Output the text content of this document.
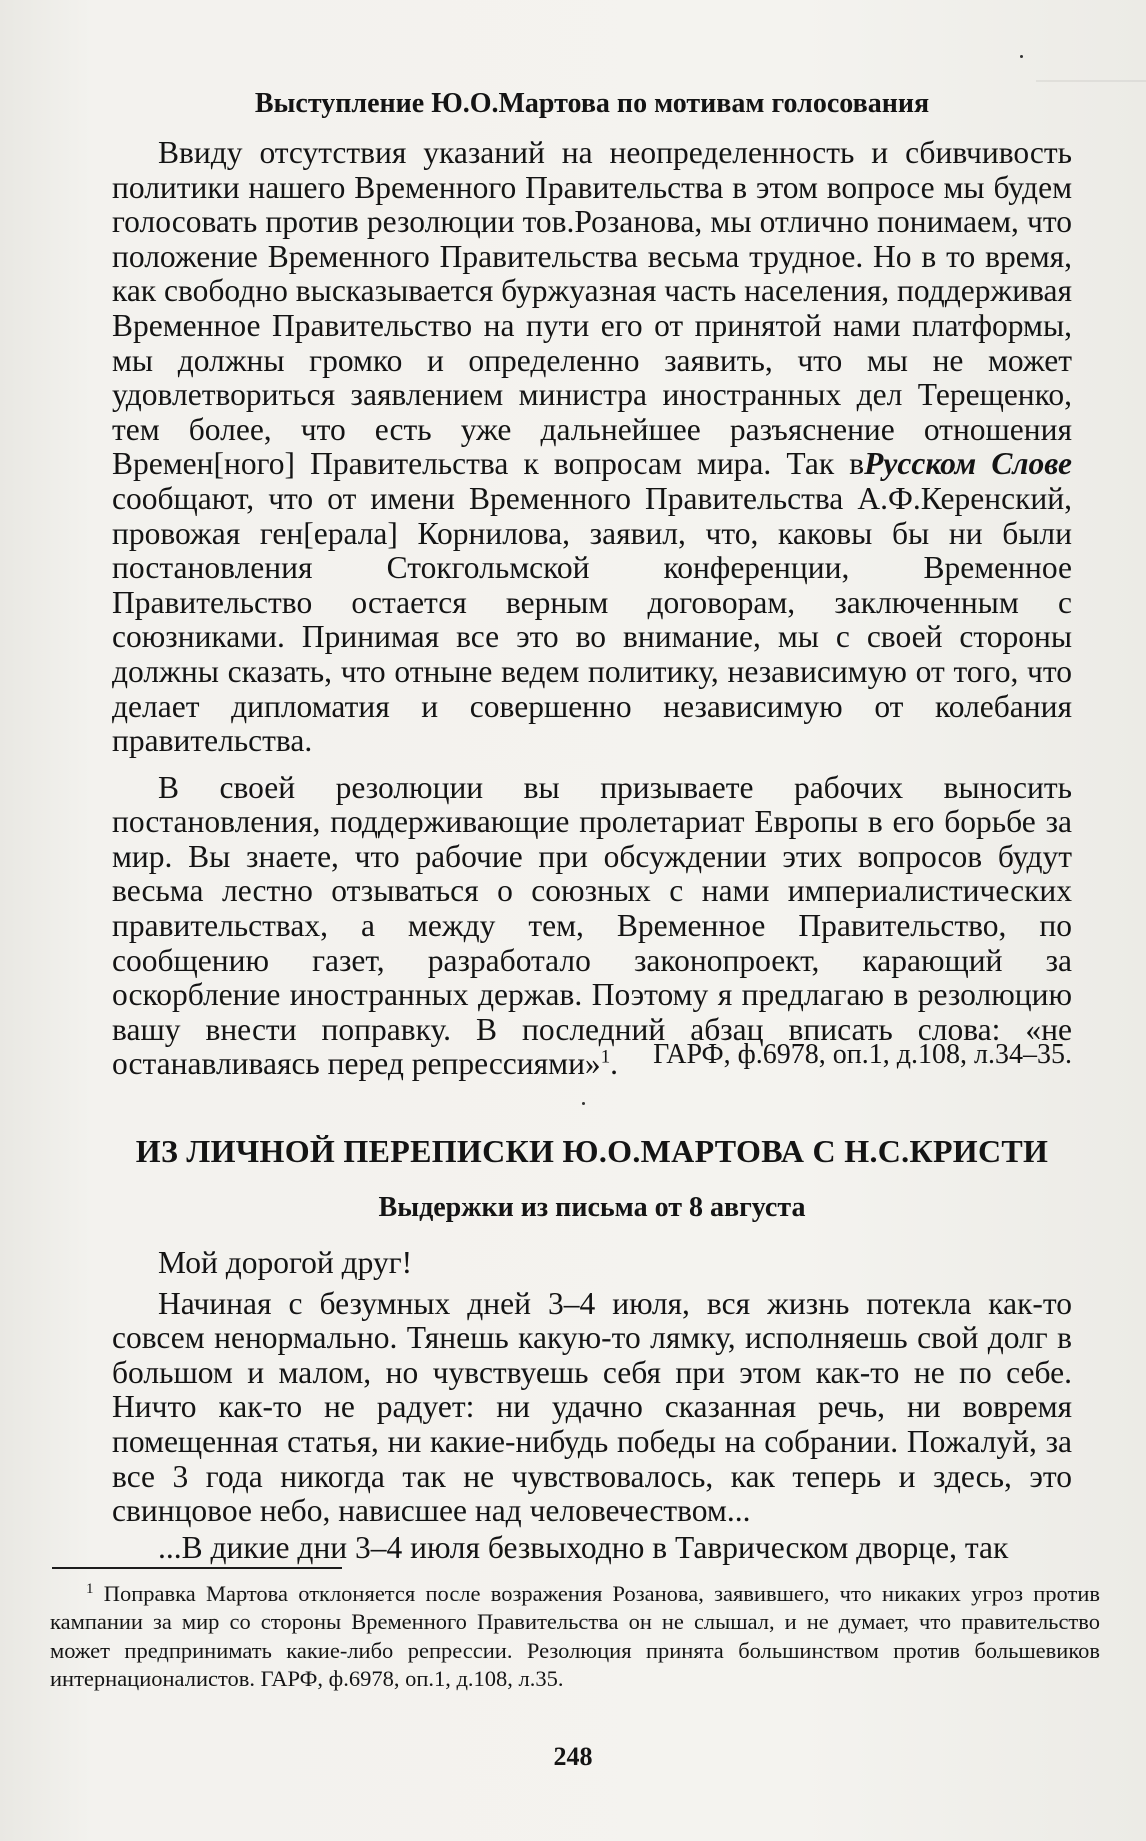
Выступление Ю.О.Мартова по мотивам голосования

Ввиду отсутствия указаний на неопределенность и сбивчивость политики нашего Временного Правительства в этом вопросе мы будем голосовать против резолюции тов.Розанова, мы отлично понимаем, что положение Временного Правительства весьма трудное. Но в то время, как свободно высказывается буржуазная часть населения, поддерживая Временное Правительство на пути его от принятой нами платформы, мы должны громко и определенно заявить, что мы не может удовлетвориться заявлением министра иностранных дел Терещенко, тем более, что есть уже дальнейшее разъяснение отношения Времен[ного] Правительства к вопросам мира. Так вРусском Слове сообщают, что от имени Временного Правительства А.Ф.Керенский, провожая ген[ерала] Корнилова, заявил, что, каковы бы ни были постановления Стокгольмской конференции, Временное Правительство остается верным договорам, заключенным с союзниками. Принимая все это во внимание, мы с своей стороны должны сказать, что отныне ведем политику, независимую от того, что делает дипломатия и совершенно независимую от колебания правительства.

В своей резолюции вы призываете рабочих выносить постановления, поддерживающие пролетариат Европы в его борьбе за мир. Вы знаете, что рабочие при обсуждении этих вопросов будут весьма лестно отзываться о союзных с нами империалистических правительствах, а между тем, Временное Правительство, по сообщению газет, разработало законопроект, карающий за оскорбление иностранных держав. Поэтому я предлагаю в резолюцию вашу внести поправку. В последний абзац вписать слова: «не останавливаясь перед репрессиями»$^1$.	ГАРФ, ф.6978, оп.1, д.108, л.34–35.
ИЗ ЛИЧНОЙ ПЕРЕПИСКИ Ю.О.МАРТОВА С Н.С.КРИСТИ
Выдержки из письма от 8 августа

Мой дорогой друг!

Начиная с безумных дней 3–4 июля, вся жизнь потекла как-то совсем ненормально. Тянешь какую-то лямку, исполняешь свой долг в большом и малом, но чувствуешь себя при этом как-то не по себе. Ничто как-то не радует: ни удачно сказанная речь, ни вовремя помещенная статья, ни какие-нибудь победы на собрании. Пожалуй, за все 3 года никогда так не чувствовалось, как теперь и здесь, это свинцовое небо, нависшее над человечеством...

...В дикие дни 3–4 июля безвыходно в Таврическом дворце, так

$^1$ Поправка Мартова отклоняется после возражения Розанова, заявившего, что никаких угроз против кампании за мир со стороны Временного Правительства он не слышал, и не думает, что правительство может предпринимать какие-либо репрессии. Резолюция принята большинством против большевиков интернационалистов. ГАРФ, ф.6978, оп.1, д.108, л.35.

248
